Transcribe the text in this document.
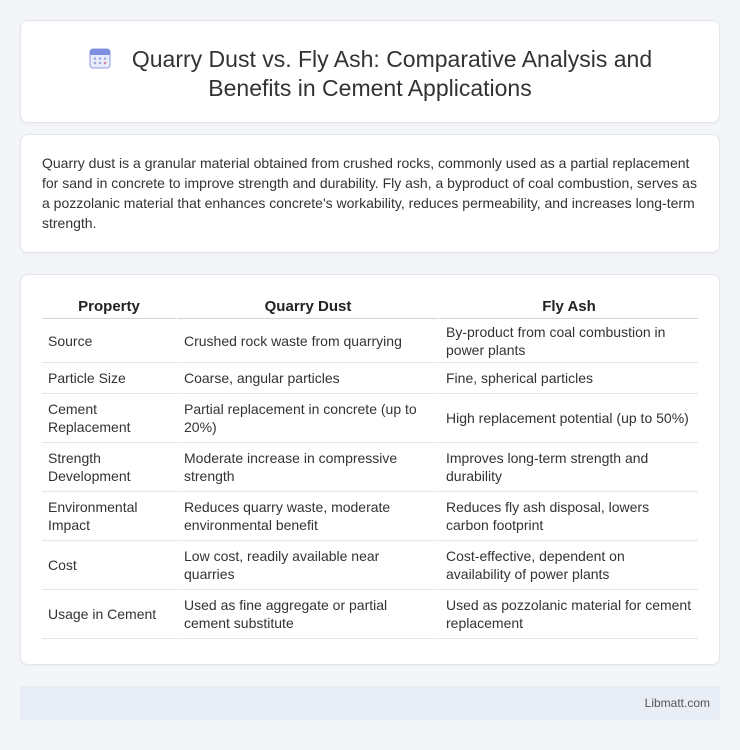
Quarry Dust vs. Fly Ash: Comparative Analysis and Benefits in Cement Applications

Quarry dust is a granular material obtained from crushed rocks, commonly used as a partial replacement for sand in concrete to improve strength and durability. Fly ash, a byproduct of coal combustion, serves as a pozzolanic material that enhances concrete's workability, reduces permeability, and increases long-term strength.

Property	Quarry Dust	Fly Ash
Source	Crushed rock waste from quarrying	By-product from coal combustion in power plants
Particle Size	Coarse, angular particles	Fine, spherical particles
Cement Replacement	Partial replacement in concrete (up to 20%)	High replacement potential (up to 50%)
Strength Development	Moderate increase in compressive strength	Improves long-term strength and durability
Environmental Impact	Reduces quarry waste, moderate environmental benefit	Reduces fly ash disposal, lowers carbon footprint
Cost	Low cost, readily available near quarries	Cost-effective, dependent on availability of power plants
Usage in Cement	Used as fine aggregate or partial cement substitute	Used as pozzolanic material for cement replacement
Libmatt.com
